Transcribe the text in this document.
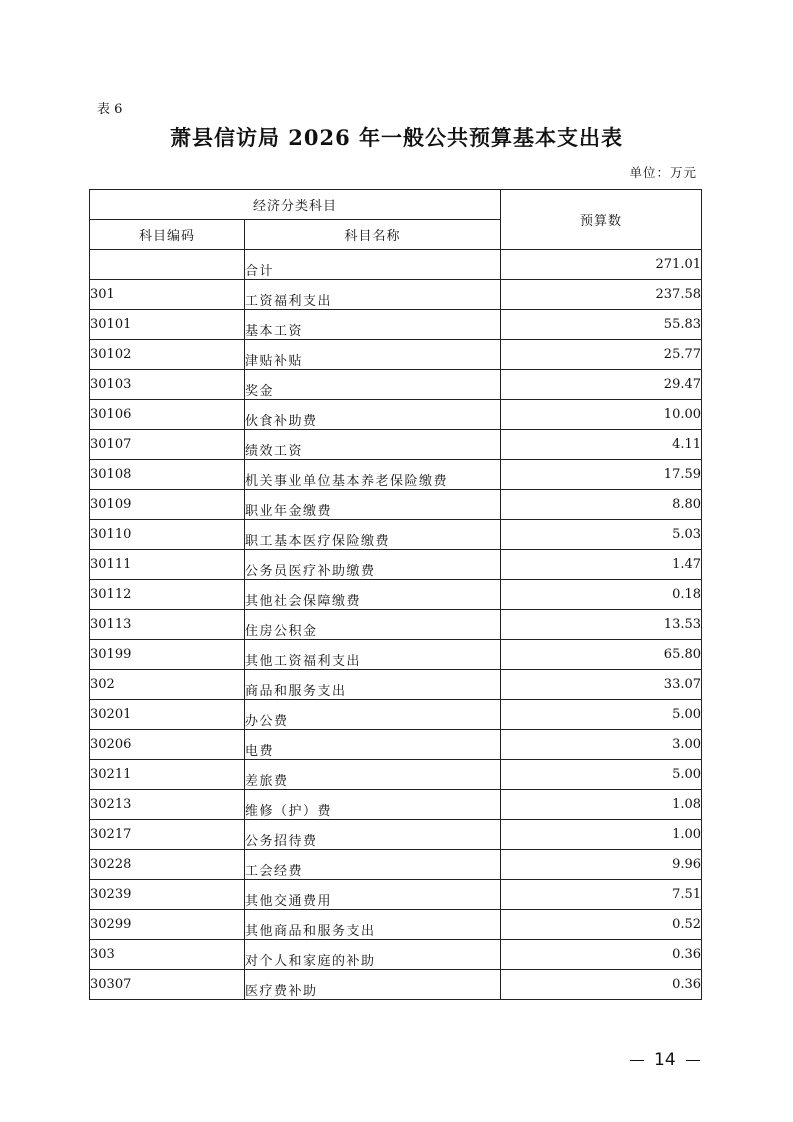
表 6
萧县信访局 2026 年一般公共预算基本支出表
单位：万元
经济分类科目		预算数
科目编码	科目名称	
	合计	271.01
301	工资福利支出	237.58
30101	基本工资	55.83
30102	津贴补贴	25.77
30103	奖金	29.47
30106	伙食补助费	10.00
30107	绩效工资	4.11
30108	机关事业单位基本养老保险缴费	17.59
30109	职业年金缴费	8.80
30110	职工基本医疗保险缴费	5.03
30111	公务员医疗补助缴费	1.47
30112	其他社会保障缴费	0.18
30113	住房公积金	13.53
30199	其他工资福利支出	65.80
302	商品和服务支出	33.07
30201	办公费	5.00
30206	电费	3.00
30211	差旅费	5.00
30213	维修（护）费	1.08
30217	公务招待费	1.00
30228	工会经费	9.96
30239	其他交通费用	7.51
30299	其他商品和服务支出	0.52
303	对个人和家庭的补助	0.36
30307	医疗费补助	0.36
14
